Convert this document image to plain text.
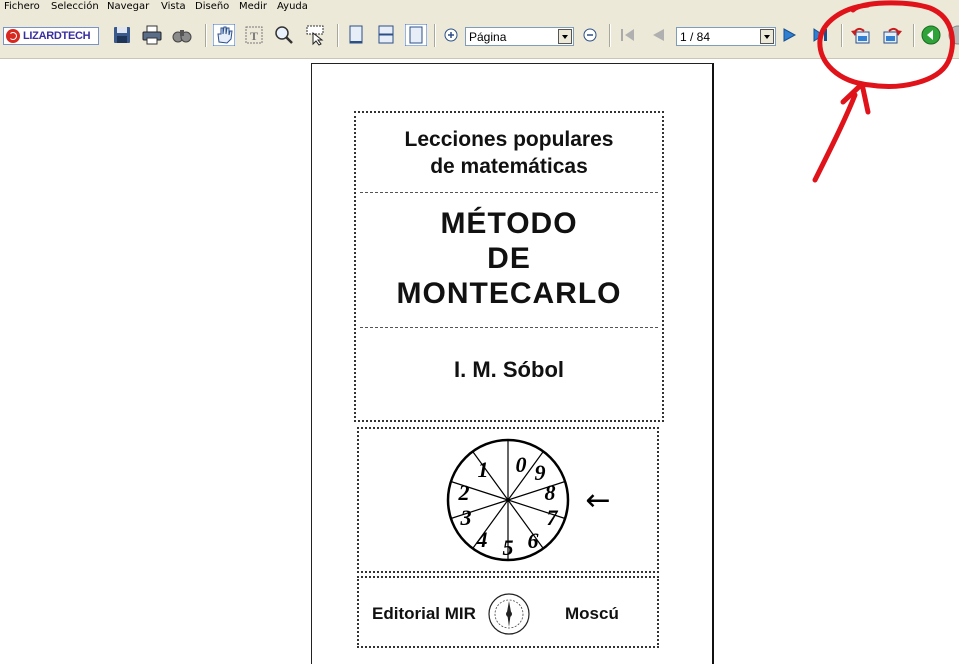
Fichero Selección Navegar Vista Diseño Medir Ayuda
LIZARDTECH	T	Página	1 / 84
Lecciones populares
de matemáticas
MÉTODO
DE
MONTECARLO
I. M. Sóbol
0 9
8
7
6
5
4
3
2
1
←
Editorial MIR	Moscú
